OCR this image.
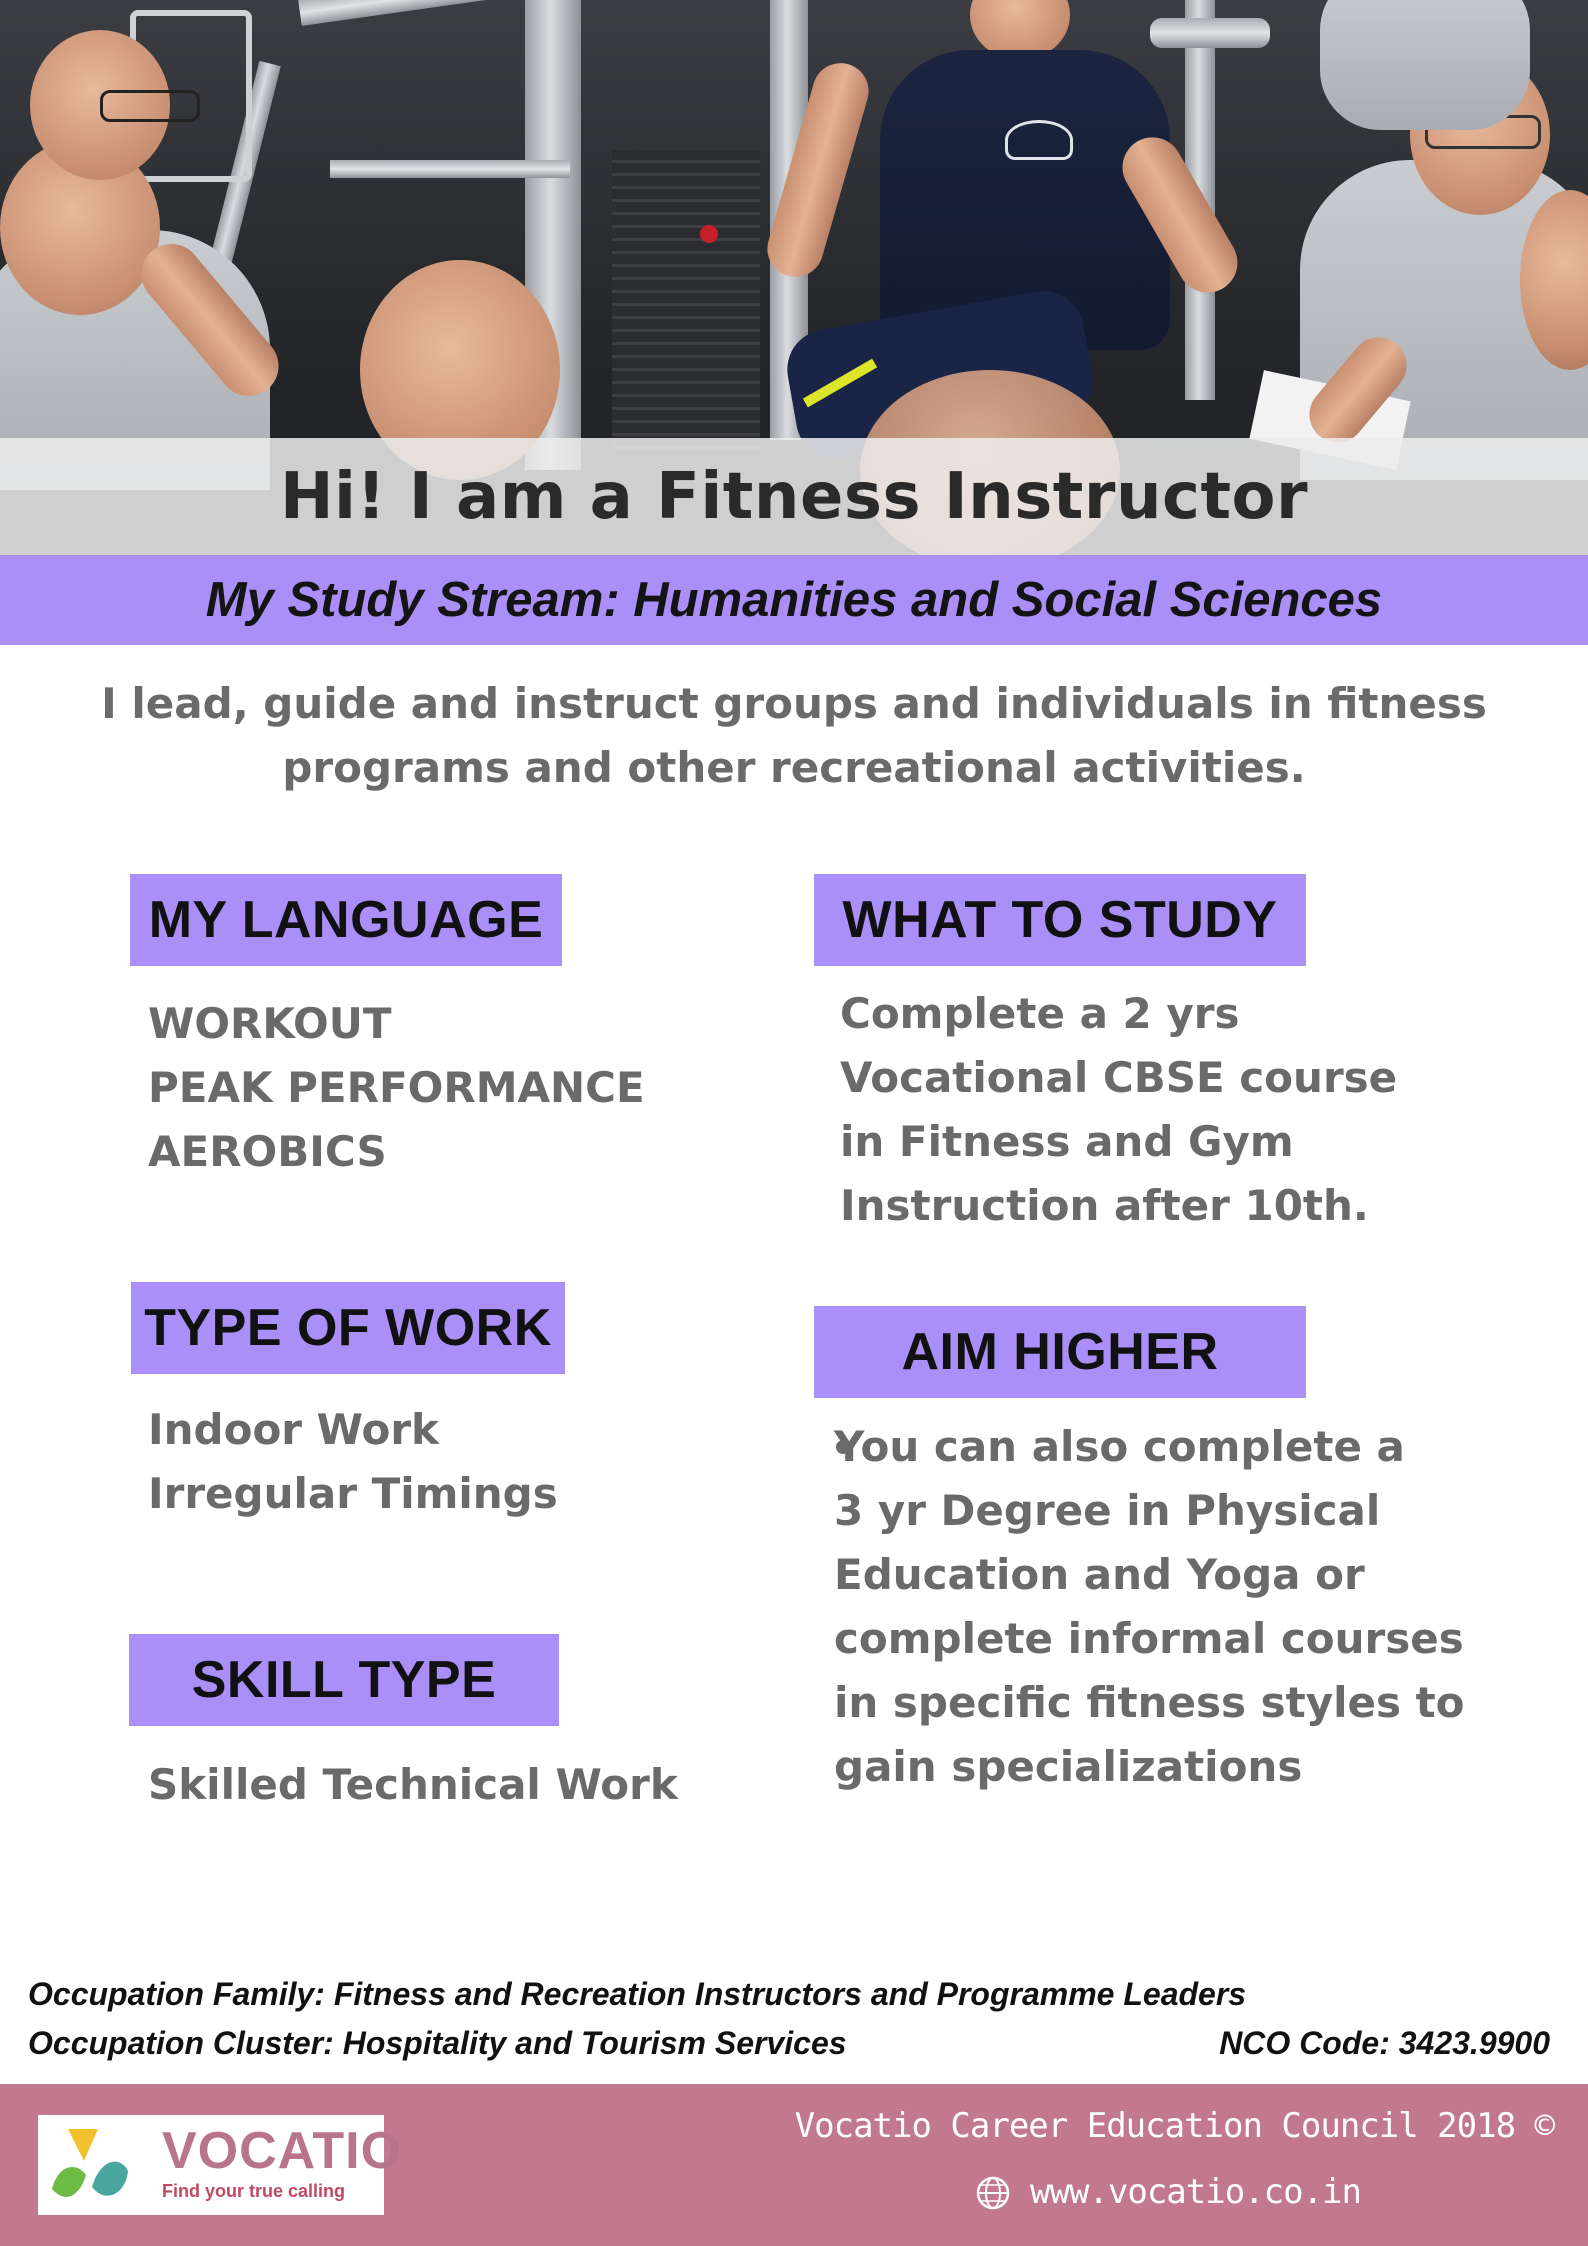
Hi! I am a Fitness Instructor
My Study Stream: Humanities and Social Sciences
I lead, guide and instruct groups and individuals in fitness
programs and other recreational activities.
MY LANGUAGE
WORKOUT
PEAK PERFORMANCE
AEROBICS
TYPE OF WORK
Indoor Work
Irregular Timings
SKILL TYPE
Skilled Technical Work
WHAT TO STUDY
Complete a 2 yrs
Vocational CBSE course
in Fitness and Gym
Instruction after 10th.
AIM HIGHER
You can also complete a
3 yr Degree in Physical
Education and Yoga or
complete informal courses
in specific fitness styles to
gain specializations
Occupation Family: Fitness and Recreation Instructors and Programme Leaders
Occupation Cluster: Hospitality and Tourism Services	NCO Code: 3423.9900
VOCATIO
Find your true calling
Vocatio Career Education Council 2018 ©
www.vocatio.co.in
